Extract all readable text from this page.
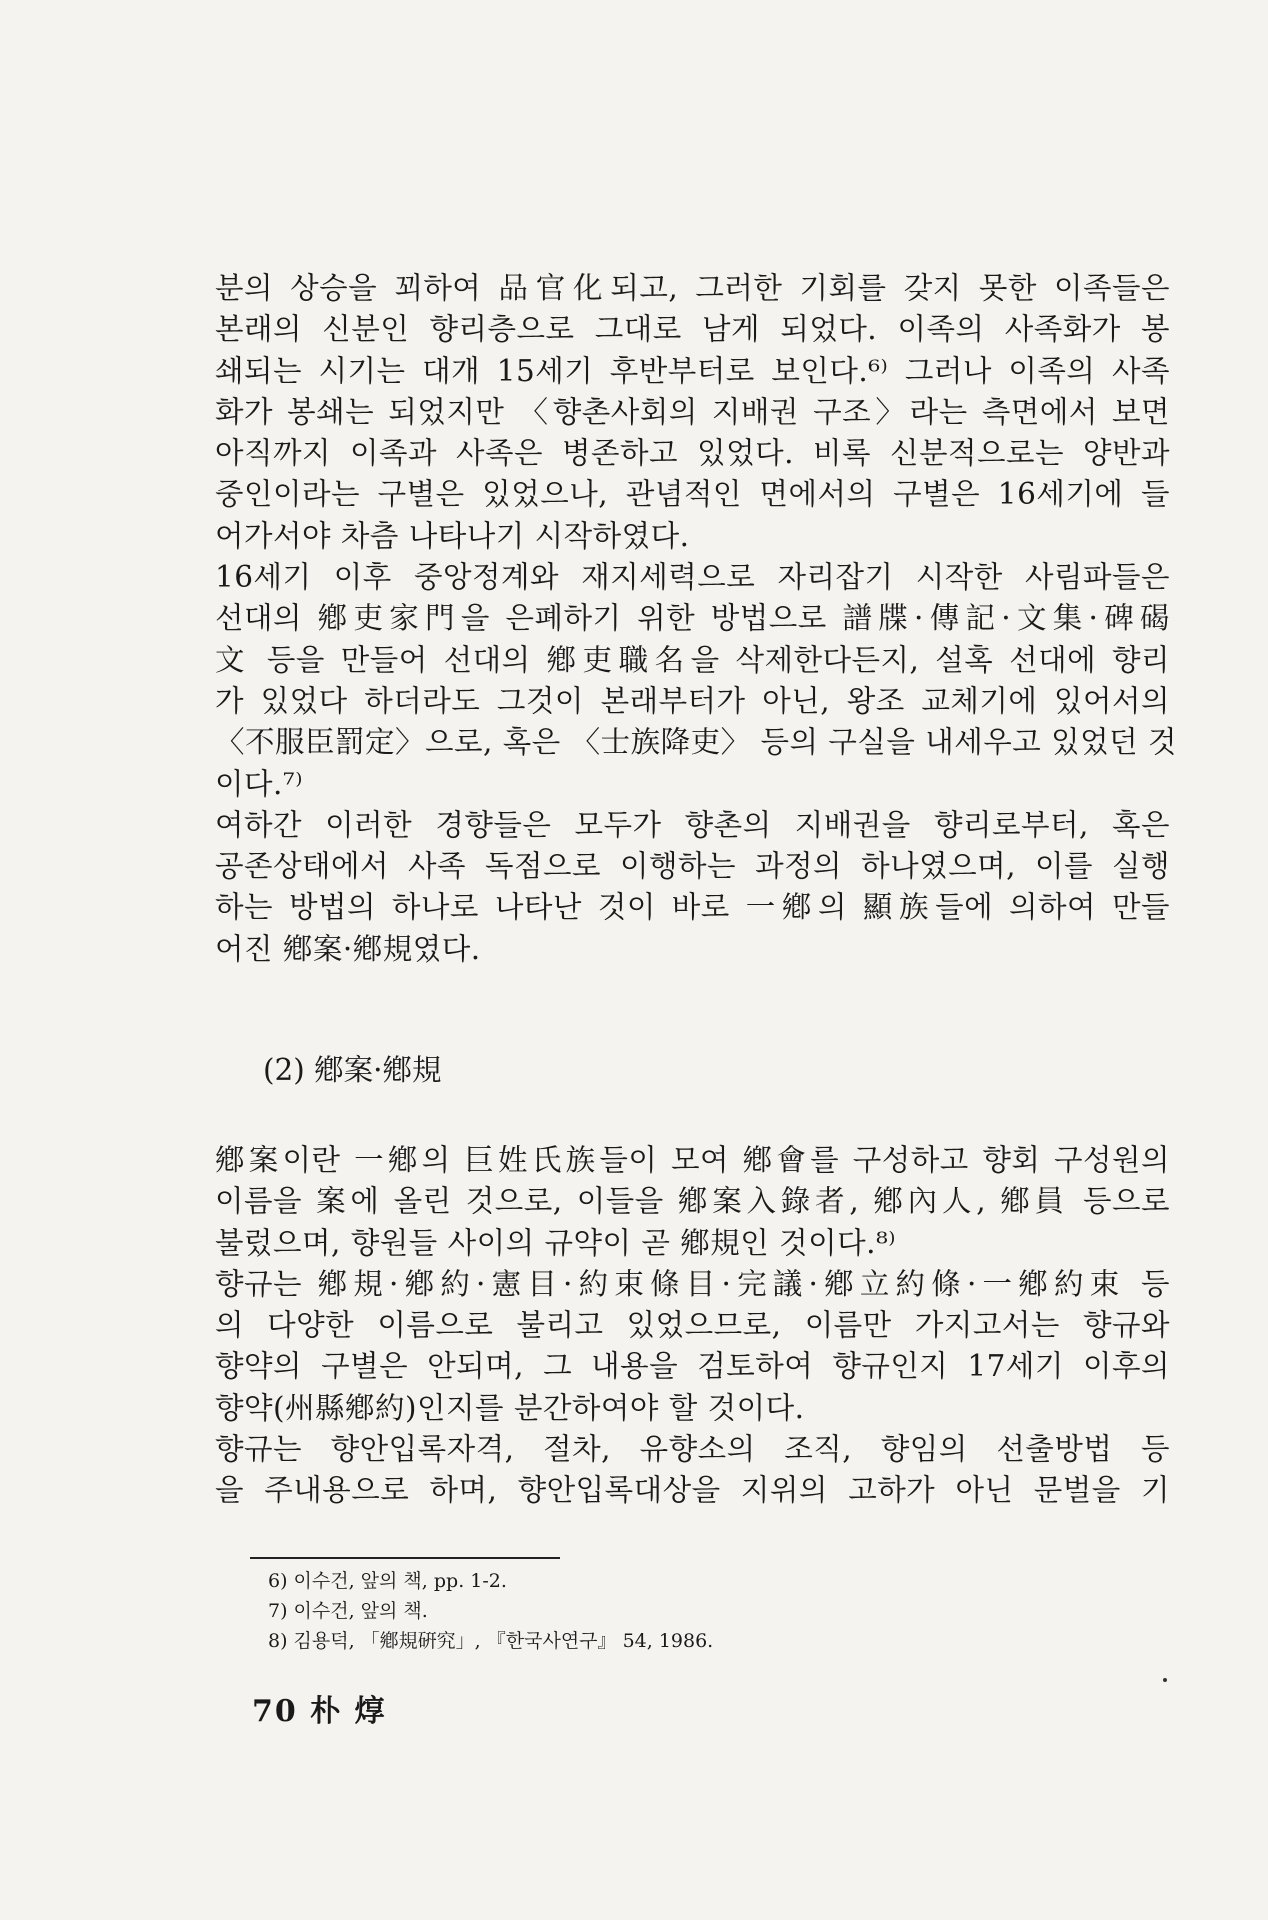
분의 상승을 꾀하여 品官化되고, 그러한 기회를 갖지 못한 이족들은
본래의 신분인 향리층으로 그대로 남게 되었다. 이족의 사족화가 봉
쇄되는 시기는 대개 15세기 후반부터로 보인다.⁶⁾ 그러나 이족의 사족
화가 봉쇄는 되었지만 〈향촌사회의 지배권 구조〉라는 측면에서 보면
아직까지 이족과 사족은 병존하고 있었다. 비록 신분적으로는 양반과
중인이라는 구별은 있었으나, 관념적인 면에서의 구별은 16세기에 들
어가서야 차츰 나타나기 시작하였다.
16세기 이후 중앙정계와 재지세력으로 자리잡기 시작한 사림파들은
선대의 鄕吏家門을 은폐하기 위한 방법으로 譜牒·傳記·文集·碑碣
文 등을 만들어 선대의 鄕吏職名을 삭제한다든지, 설혹 선대에 향리
가 있었다 하더라도 그것이 본래부터가 아닌, 왕조 교체기에 있어서의
〈不服臣罰定〉으로, 혹은 〈士族降吏〉 등의 구실을 내세우고 있었던 것
이다.⁷⁾
여하간 이러한 경향들은 모두가 향촌의 지배권을 향리로부터, 혹은
공존상태에서 사족 독점으로 이행하는 과정의 하나였으며, 이를 실행
하는 방법의 하나로 나타난 것이 바로 一鄕의 顯族들에 의하여 만들
어진 鄕案·鄕規였다.
(2) 鄕案·鄕規
鄕案이란 一鄕의 巨姓氏族들이 모여 鄕會를 구성하고 향회 구성원의
이름을 案에 올린 것으로, 이들을 鄕案入錄者, 鄕內人, 鄕員 등으로
불렀으며, 향원들 사이의 규약이 곧 鄕規인 것이다.⁸⁾
향규는 鄕規·鄕約·憲目·約束條目·完議·鄕立約條·一鄕約束 등
의 다양한 이름으로 불리고 있었으므로, 이름만 가지고서는 향규와
향약의 구별은 안되며, 그 내용을 검토하여 향규인지 17세기 이후의
향약(州縣鄕約)인지를 분간하여야 할 것이다.
향규는 향안입록자격, 절차, 유향소의 조직, 향임의 선출방법 등
을 주내용으로 하며, 향안입록대상을 지위의 고하가 아닌 문벌을 기
6) 이수건, 앞의 책, pp. 1-2.
7) 이수건, 앞의 책.
8) 김용덕, 「鄕規硏究」, 『한국사연구』 54, 1986.
70 朴 焞
